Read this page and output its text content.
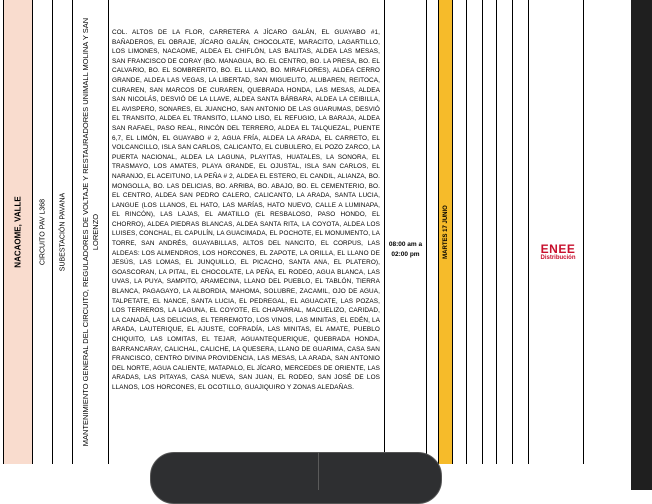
NACAOME, VALLE CIRCUITO PAV L368 SUBESTACIÓN PAVANA MANTENIMIENTO GENERAL DEL CIRCUITO, REGULADORES DE VOLTAJE Y RESTAURADORES UNIMALL MOLINA Y SAN LORENZO

COL. ALTOS DE LA FLOR, CARRETERA A JÍCARO GALÁN, EL GUAYABO #1, BAÑADEROS, EL OBRAJE, JÍCARO GALÁN, CHOCOLATE, MARACITO, LAGARTILLO, LOS LIMONES, NACAOME, ALDEA EL CHIFLÓN, LAS BALITAS, ALDEA LAS MESAS, SAN FRANCISCO DE CORAY (BO. MANAGUA, BO. EL CENTRO, BO. LA PRESA, BO. EL CALVARIO, BO. EL SOMBRERITO, BO. EL LLANO, BO. MIRAFLORES), ALDEA CERRO GRANDE, ALDEA LAS VEGAS, LA LIBERTAD, SAN MIGUELITO, ALUBAREN, REITOCA, CURAREN, SAN MARCOS DE CURAREN, QUEBRADA HONDA, LAS MESAS, ALDEA SAN NICOLÁS, DESVIÓ DE LA LLAVE, ALDEA SANTA BÁRBARA, ALDEA LA CEIBILLA, EL AVISPERO, SONARES, EL JUANCHO, SAN ANTONIO DE LAS GUARUMAS, DESVIÓ EL TRANSITO, ALDEA EL TRANSITO, LLANO LISO, EL REFUGIO, LA BARAJA, ALDEA SAN RAFAEL, PASO REAL, RINCÓN DEL TERRERO, ALDEA EL TALQUEZAL, PUENTE 6,7, EL LIMÓN, EL GUAYABO # 2, AGUA FRÍA, ALDEA LA ARADA, EL CARRETO, EL VOLCANCILLO, ISLA SAN CARLOS, CALICANTO, EL CUBULERO, EL POZO ZARCO, LA PUERTA NACIONAL, ALDEA LA LAGUNA, PLAYITAS, HUATALES, LA SONORA, EL TRASMAYO, LOS AMATES, PLAYA GRANDE, EL OJUSTAL, ISLA SAN CARLOS, EL NARANJO, EL ACEITUNO, LA PEÑA # 2, ALDEA EL ESTERO, EL CANDIL, ALIANZA, BO. MONGOLLA, BO. LAS DELICIAS, BO. ARRIBA, BO. ABAJO, BO. EL CEMENTERIO, BO. EL CENTRO, ALDEA SAN PEDRO CALERO, CALICANTO, LA ARADA, SANTA LUCIA, LANGUE (LOS LLANOS, EL HATO, LAS MARÍAS, HATO NUEVO, CALLE A LUMINAPA, EL RINCÓN), LAS LAJAS, EL AMATILLO (EL RESBALOSO, PASO HONDO, EL CHORRO), ALDEA PIEDRAS BLANCAS, ALDEA SANTA RITA, LA COYOTA, ALDEA LOS LUISES, CONCHAL, EL CAPULÍN, LA GUACIMADA, EL POCHOTE, EL MONUMENTO, LA TORRE, SAN ANDRÉS, GUAYABILLAS, ALTOS DEL NANCITO, EL CORPUS, LAS ALDEAS: LOS ALMENDROS, LOS HORCONES, EL ZAPOTE, LA ORILLA, EL LLANO DE JESÚS, LAS LOMAS, EL JUNQUILLO, EL PICACHO, SANTA ANA, EL PLATERO), GOASCORAN, LA PITAL, EL CHOCOLATE, LA PEÑA, EL RODEO, AGUA BLANCA, LAS UVAS, LA PUYA, SAMPITO, ARAMECINA, LLANO DEL PUEBLO, EL TABLÓN, TIERRA BLANCA, PAGAGAYO, LA ALBORDIA, MAHOMA, SOLUBRE, ZACAMIL, OJO DE AGUA, TALPETATE, EL NANCE, SANTA LUCIA, EL PEDREGAL, EL AGUACATE, LAS POZAS, LOS TERREROS, LA LAGUNA, EL COYOTE, EL CHAPARRAL, MACUELIZO, CARIDAD, LA CANADÁ, LAS DELICIAS, EL TERREMOTO, LOS VINOS, LAS MINITAS, EL EDÉN, LA ARADA, LAUTERIQUE, EL AJUSTE, COFRADÍA, LAS MINITAS, EL AMATE, PUEBLO CHIQUITO, LAS LOMITAS, EL TEJAR, AGUANTEQUERIQUE, QUEBRADA HONDA, BARRANCARAY, CALICHAL, CALICHE, LA QUESERA, LLANO DE GUARIMA, CASA SAN FRANCISCO, CENTRO DIVINA PROVIDENCIA, LAS MESAS, LA ARADA, SAN ANTONIO DEL NORTE, AGUA CALIENTE, MATAPALO, EL JÍCARO, MERCEDES DE ORIENTE, LAS ARADAS, LAS PITAYAS, CASA NUEVA, SAN JUAN, EL RODEO, SAN JOSÉ DE LOS LLANOS, LOS HORCONES, EL OCOTILLO, GUAJIQUIRO Y ZONAS ALEDAÑAS.

08:00 am a
02:00 pm	MARTES 17 JUNIO	ENEE
Distribución
